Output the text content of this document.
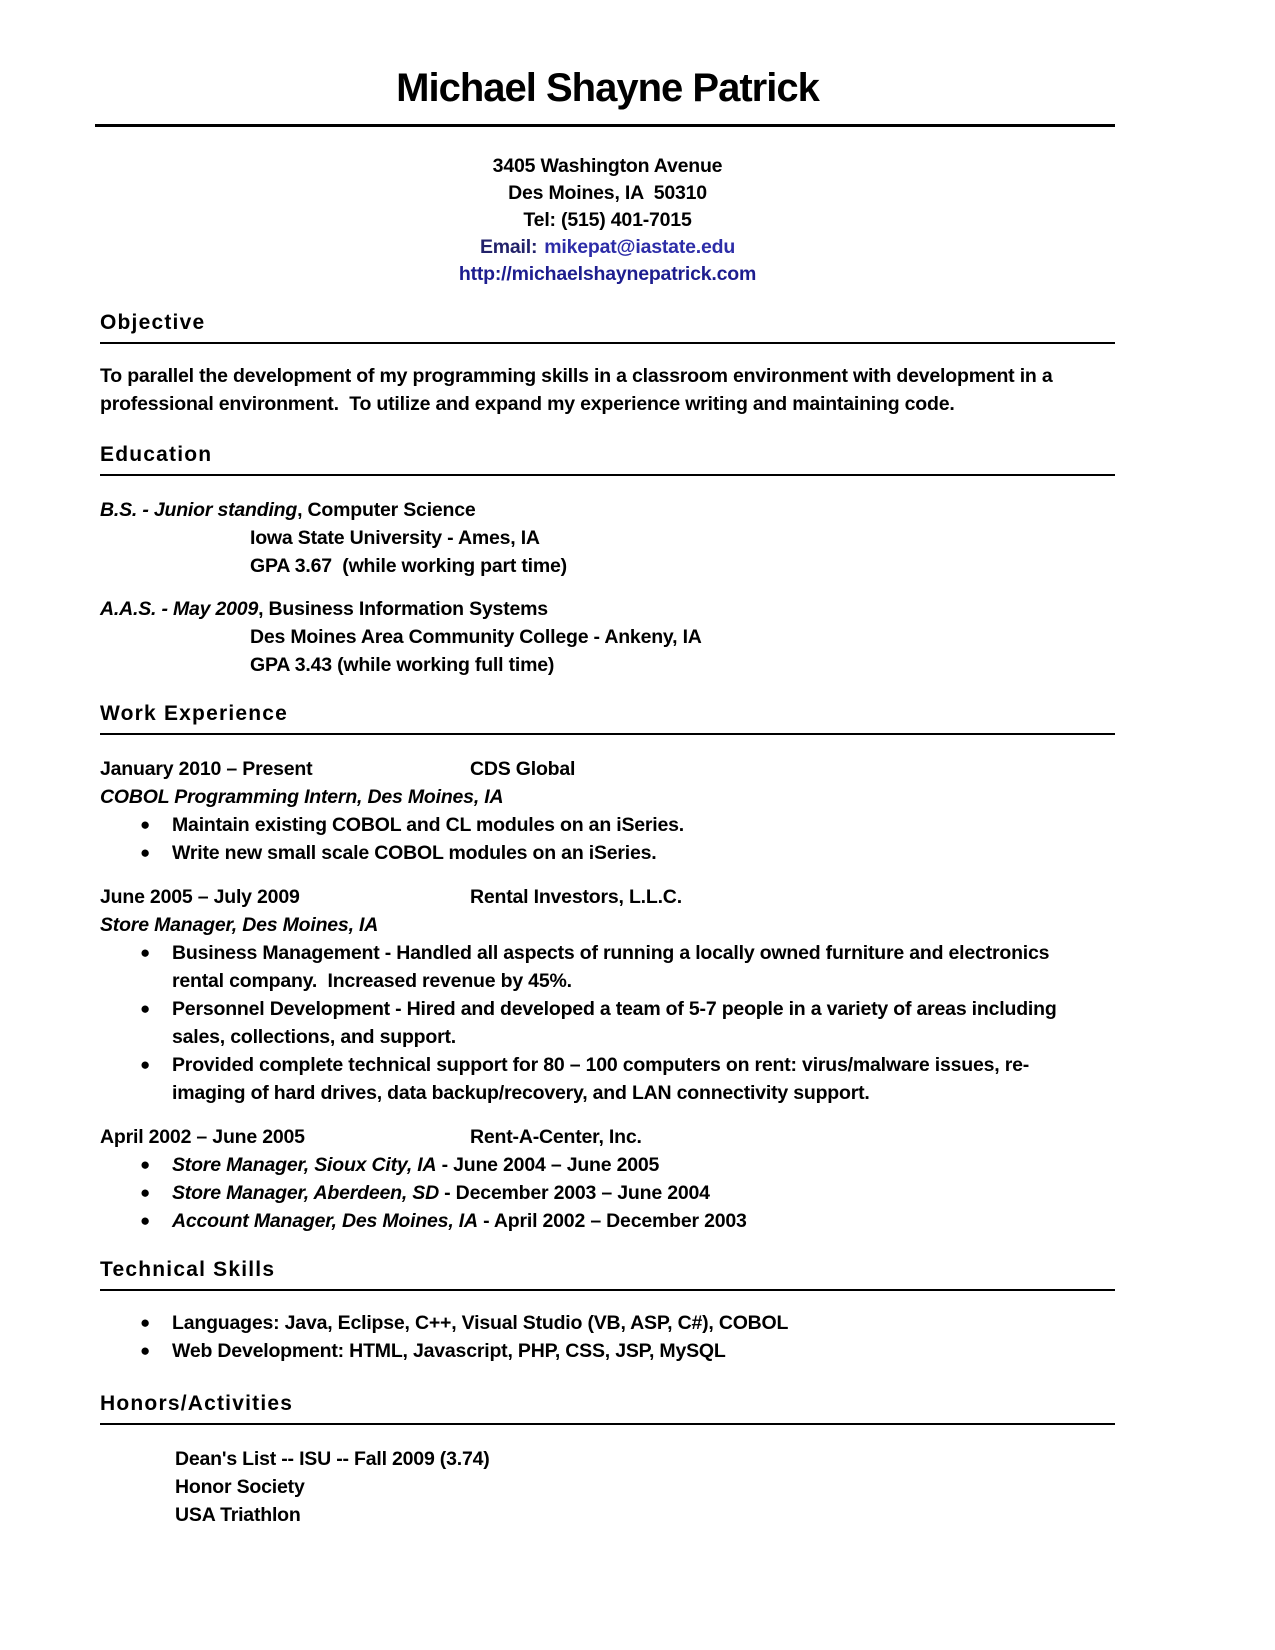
Michael Shayne Patrick
3405 Washington Avenue
Des Moines, IA  50310
Tel: (515) 401-7015
Email: mikepat@iastate.edu
http://michaelshaynepatrick.com
Objective

To parallel the development of my programming skills in a classroom environment with development in a professional environment.  To utilize and expand my experience writing and maintaining code.

Education
B.S. - Junior standing, Computer Science
Iowa State University - Ames, IA
GPA 3.67  (while working part time)
A.A.S. - May 2009, Business Information Systems
Des Moines Area Community College - Ankeny, IA
GPA 3.43 (while working full time)
Work Experience
January 2010 – Present	CDS Global
COBOL Programming Intern, Des Moines, IA
●	Maintain existing COBOL and CL modules on an iSeries.
●	Write new small scale COBOL modules on an iSeries.
June 2005 – July 2009	Rental Investors, L.L.C.
Store Manager, Des Moines, IA
●	Business Management - Handled all aspects of running a locally owned furniture and electronics rental company.  Increased revenue by 45%.
●	Personnel Development - Hired and developed a team of 5-7 people in a variety of areas including sales, collections, and support.
●	Provided complete technical support for 80 – 100 computers on rent: virus/malware issues, re-imaging of hard drives, data backup/recovery, and LAN connectivity support.
April 2002 – June 2005	Rent-A-Center, Inc.
●	Store Manager, Sioux City, IA - June 2004 – June 2005
●	Store Manager, Aberdeen, SD - December 2003 – June 2004
●	Account Manager, Des Moines, IA - April 2002 – December 2003
Technical Skills
●	Languages: Java, Eclipse, C++, Visual Studio (VB, ASP, C#), COBOL
●	Web Development: HTML, Javascript, PHP, CSS, JSP, MySQL
Honors/Activities
Dean's List -- ISU -- Fall 2009 (3.74)
Honor Society
USA Triathlon
